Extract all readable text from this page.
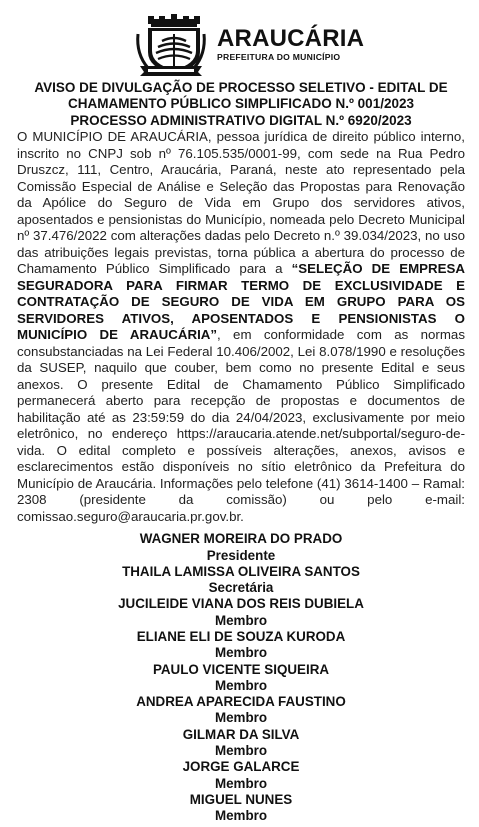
ARAUCÁRIA
PREFEITURA DO MUNICÍPIO
AVISO DE DIVULGAÇÃO DE PROCESSO SELETIVO - EDITAL DE
CHAMAMENTO PÚBLICO SIMPLIFICADO N.º 001/2023
PROCESSO ADMINISTRATIVO DIGITAL N.º 6920/2023

O MUNICÍPIO DE ARAUCÁRIA, pessoa jurídica de direito público interno, inscrito no CNPJ sob nº 76.105.535/0001-99, com sede na Rua Pedro Druszcz, 111, Centro, Araucária, Paraná, neste ato representado pela Comissão Especial de Análise e Seleção das Propostas para Renovação da Apólice do Seguro de Vida em Grupo dos servidores ativos, aposentados e pensionistas do Município, nomeada pelo Decreto Municipal nº 37.476/2022 com alterações dadas pelo Decreto n.º 39.034/2023, no uso das atribuições legais previstas, torna pública a abertura do processo de Chamamento Público Simplificado para a “SELEÇÃO DE EMPRESA SEGURADORA PARA FIRMAR TERMO DE EXCLUSIVIDADE E CONTRATAÇÃO DE SEGURO DE VIDA EM GRUPO PARA OS SERVIDORES ATIVOS, APOSENTADOS E PENSIONISTAS O MUNICÍPIO DE ARAUCÁRIA”, em conformidade com as normas consubstanciadas na Lei Federal 10.406/2002, Lei 8.078/1990 e resoluções da SUSEP, naquilo que couber, bem como no presente Edital e seus anexos. O presente Edital de Chamamento Público Simplificado permanecerá aberto para recepção de propostas e documentos de habilitação até as 23:59:59 do dia 24/04/2023, exclusivamente por meio eletrônico, no endereço https://araucaria.atende.net/subportal/seguro-de-vida. O edital completo e possíveis alterações, anexos, avisos e esclarecimentos estão disponíveis no sítio eletrônico da Prefeitura do Município de Araucária. Informações pelo telefone (41) 3614-1400 – Ramal: 2308 (presidente da comissão) ou pelo e-mail: comissao.seguro@araucaria.pr.gov.br.

WAGNER MOREIRA DO PRADO
Presidente
THAILA LAMISSA OLIVEIRA SANTOS
Secretária
JUCILEIDE VIANA DOS REIS DUBIELA
Membro
ELIANE ELI DE SOUZA KURODA
Membro
PAULO VICENTE SIQUEIRA
Membro
ANDREA APARECIDA FAUSTINO
Membro
GILMAR DA SILVA
Membro
JORGE GALARCE
Membro
MIGUEL NUNES
Membro
